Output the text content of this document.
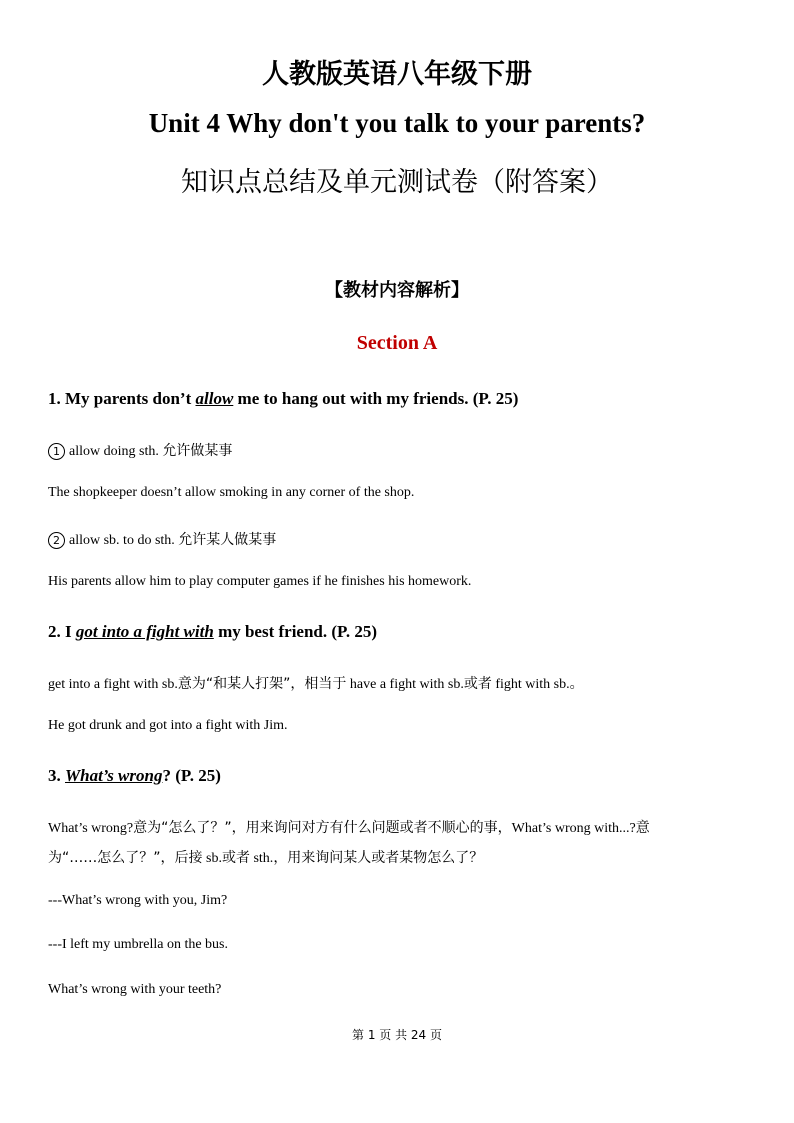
人教版英语八年级下册
Unit 4 Why don't you talk to your parents?
知识点总结及单元测试卷（附答案）
【教材内容解析】
Section A
1. My parents don’t allow me to hang out with my friends. (P. 25)
1 allow doing sth. 允许做某事
The shopkeeper doesn’t allow smoking in any corner of the shop.
2 allow sb. to do sth. 允许某人做某事
His parents allow him to play computer games if he finishes his homework.
2. I got into a fight with my best friend. (P. 25)
get into a fight with sb.意为“和某人打架”，相当于 have a fight with sb.或者 fight with sb.。
He got drunk and got into a fight with Jim.
3. What’s wrong? (P. 25)
What’s wrong?意为“怎么了？”，用来询问对方有什么问题或者不顺心的事，What’s wrong with...?意
为“……怎么了？”，后接 sb.或者 sth.，用来询问某人或者某物怎么了？
---What’s wrong with you, Jim?
---I left my umbrella on the bus.
What’s wrong with your teeth?
第 1 页 共 24 页
